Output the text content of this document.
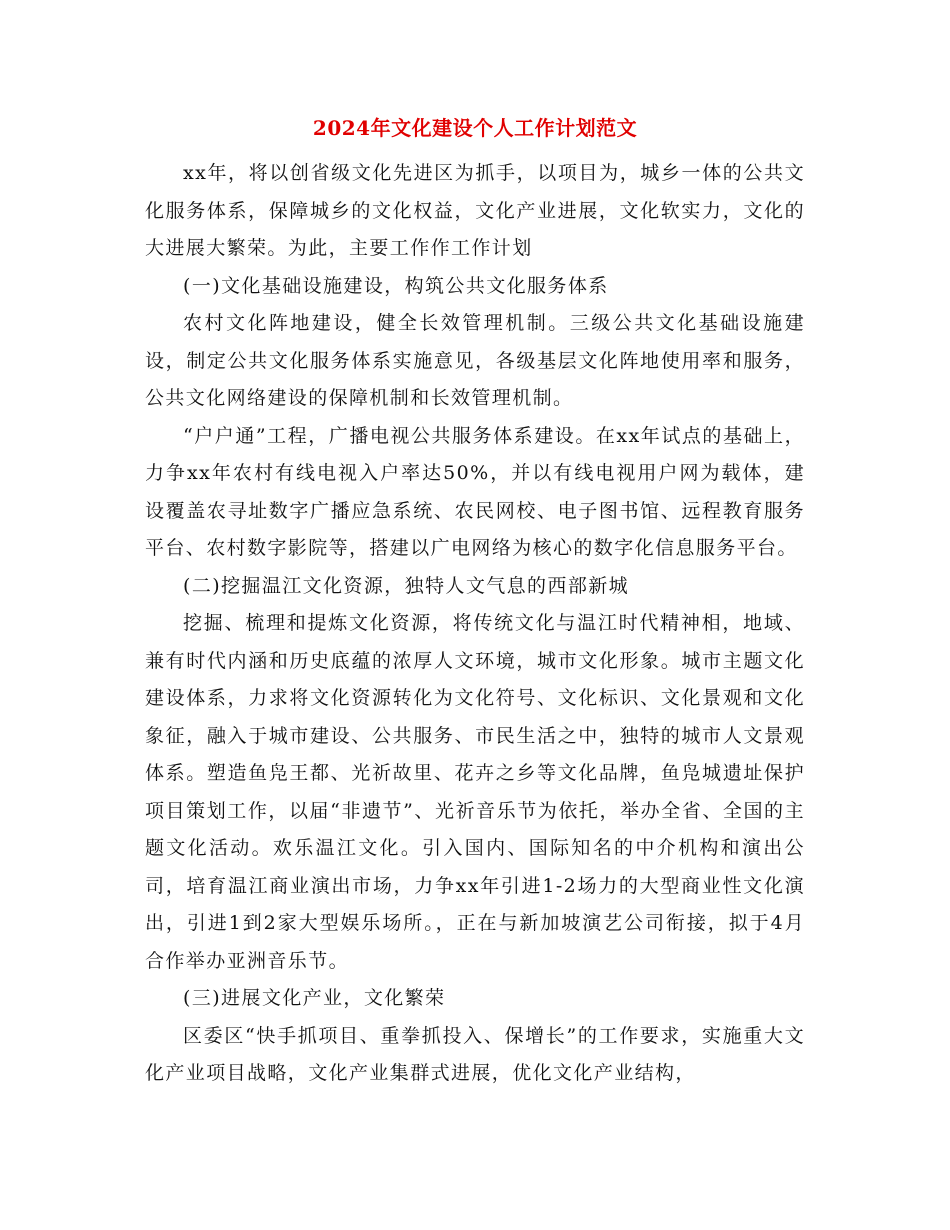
2024年文化建设个人工作计划范文

xx年，将以创省级文化先进区为抓手，以项目为，城乡一体的公共文化服务体系，保障城乡的文化权益，文化产业进展，文化软实力，文化的大进展大繁荣。为此，主要工作作工作计划

(一)文化基础设施建设，构筑公共文化服务体系

农村文化阵地建设，健全长效管理机制。三级公共文化基础设施建设，制定公共文化服务体系实施意见，各级基层文化阵地使用率和服务，公共文化网络建设的保障机制和长效管理机制。

“户户通”工程，广播电视公共服务体系建设。在xx年试点的基础上，力争xx年农村有线电视入户率达50%，并以有线电视用户网为载体，建设覆盖农寻址数字广播应急系统、农民网校、电子图书馆、远程教育服务平台、农村数字影院等，搭建以广电网络为核心的数字化信息服务平台。

(二)挖掘温江文化资源，独特人文气息的西部新城

挖掘、梳理和提炼文化资源，将传统文化与温江时代精神相，地域、兼有时代内涵和历史底蕴的浓厚人文环境，城市文化形象。城市主题文化建设体系，力求将文化资源转化为文化符号、文化标识、文化景观和文化象征，融入于城市建设、公共服务、市民生活之中，独特的城市人文景观体系。塑造鱼凫王都、光祈故里、花卉之乡等文化品牌，鱼凫城遗址保护项目策划工作，以届“非遗节”、光祈音乐节为依托，举办全省、全国的主题文化活动。欢乐温江文化。引入国内、国际知名的中介机构和演出公司，培育温江商业演出市场，力争xx年引进1-2场力的大型商业性文化演出，引进1到2家大型娱乐场所。，正在与新加坡演艺公司衔接，拟于4月合作举办亚洲音乐节。

(三)进展文化产业，文化繁荣

区委区“快手抓项目、重拳抓投入、保增长”的工作要求，实施重大文化产业项目战略，文化产业集群式进展，优化文化产业结构，
